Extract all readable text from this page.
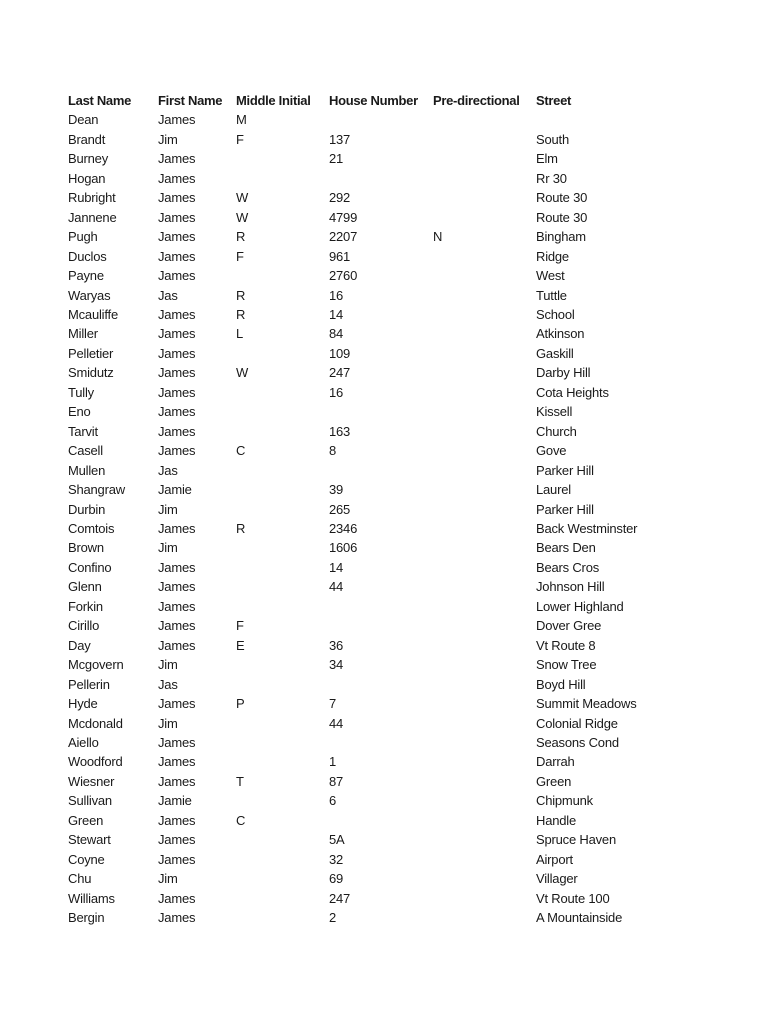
Last Name	First Name	Middle Initial	House Number	Pre-directional	Street
Dean	James	M			
Brandt	Jim	F	137		South
Burney	James		21		Elm
Hogan	James				Rr 30
Rubright	James	W	292		Route 30
Jannene	James	W	4799		Route 30
Pugh	James	R	2207	N	Bingham
Duclos	James	F	961		Ridge
Payne	James		2760		West
Waryas	Jas	R	16		Tuttle
Mcauliffe	James	R	14		School
Miller	James	L	84		Atkinson
Pelletier	James		109		Gaskill
Smidutz	James	W	247		Darby Hill
Tully	James		16		Cota Heights
Eno	James				Kissell
Tarvit	James		163		Church
Casell	James	C	8		Gove
Mullen	Jas				Parker Hill
Shangraw	Jamie		39		Laurel
Durbin	Jim		265		Parker Hill
Comtois	James	R	2346		Back Westminster
Brown	Jim		1606		Bears Den
Confino	James		14		Bears Cros
Glenn	James		44		Johnson Hill
Forkin	James				Lower Highland
Cirillo	James	F			Dover Gree
Day	James	E	36		Vt Route 8
Mcgovern	Jim		34		Snow Tree
Pellerin	Jas				Boyd Hill
Hyde	James	P	7		Summit Meadows
Mcdonald	Jim		44		Colonial Ridge
Aiello	James				Seasons Cond
Woodford	James		1		Darrah
Wiesner	James	T	87		Green
Sullivan	Jamie		6		Chipmunk
Green	James	C			Handle
Stewart	James		5A		Spruce Haven
Coyne	James		32		Airport
Chu	Jim		69		Villager
Williams	James		247		Vt Route 100
Bergin	James		2		A Mountainside
